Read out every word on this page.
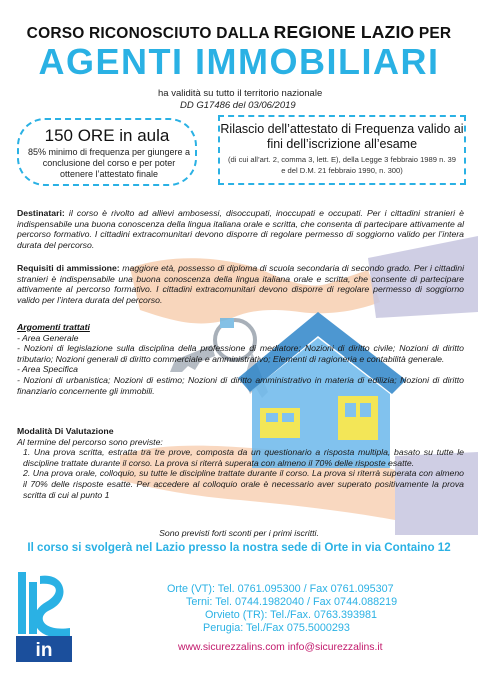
CORSO RICONOSCIUTO DALLA REGIONE LAZIO PER
AGENTI IMMOBILIARI
ha validità su tutto il territorio nazionale
DD G17486 del 03/06/2019
150 ORE in aula
85% minimo di frequenza per giungere a conclusione del corso e per poter ottenere l’attestato finale
Rilascio dell’attestato di Frequenza valido ai fini dell’iscrizione all’esame
(di cui all’art. 2, comma 3, lett. E), della Legge 3 febbraio 1989 n. 39 e del D.M. 21 febbraio 1990, n. 300)
Destinatari: il corso è rivolto ad allievi ambosessi, disoccupati, inoccupati e occupati. Per i cittadini stranieri è indispensabile una buona conoscenza della lingua italiana orale e scritta, che consenta di partecipare attivamente al percorso formativo. I cittadini extracomunitari devono disporre di regolare permesso di soggiorno valido per l’intera durata del percorso.
Requisiti di ammissione: maggiore età, possesso di diploma di scuola secondaria di secondo grado. Per i cittadini stranieri è indispensabile una buona conoscenza della lingua italiana orale e scritta, che consente di partecipare attivamente al percorso formativo. I cittadini extracomunitari devono disporre di regolare permesso di soggiorno valido per l’intera durata del percorso.
Argomenti trattati
- Area Generale
- Nozioni di legislazione sulla disciplina della professione di mediatore; Nozioni di diritto civile; Nozioni di diritto tributario; Nozioni generali di diritto commerciale e amministrativo; Elementi di ragioneria e contabilità generale.
- Area Specifica
- Nozioni di urbanistica; Nozioni di estimo; Nozioni di diritto amministrativo in materia di edilizia; Nozioni di diritto finanziario concernente gli immobili.
Modalità Di Valutazione
Al termine del percorso sono previste:
1. Una prova scritta, estratta tra tre prove, composta da un questionario a risposta multipla, basato su tutte le discipline trattate durante il corso. La prova si riterrà superata con almeno il 70% delle risposte esatte.
2. Una prova orale, colloquio, su tutte le discipline trattate durante il corso. La prova si riterrà superata con almeno il 70% delle risposte esatte. Per accedere al colloquio orale è necessario aver superato positivamente la prova scritta di cui al punto 1
Sono previsti forti sconti per i primi iscritti.
Il corso si svolgerà nel Lazio presso la nostra sede di Orte in via Containo 12
in
Orte (VT): Tel. 0761.095300 / Fax 0761.095307
Terni: Tel. 0744.1982040 / Fax 0744.088219
Orvieto (TR): Tel./Fax. 0763.393981
Perugia: Tel./Fax 075.5000293
www.sicurezzalins.com info@sicurezzalins.it
